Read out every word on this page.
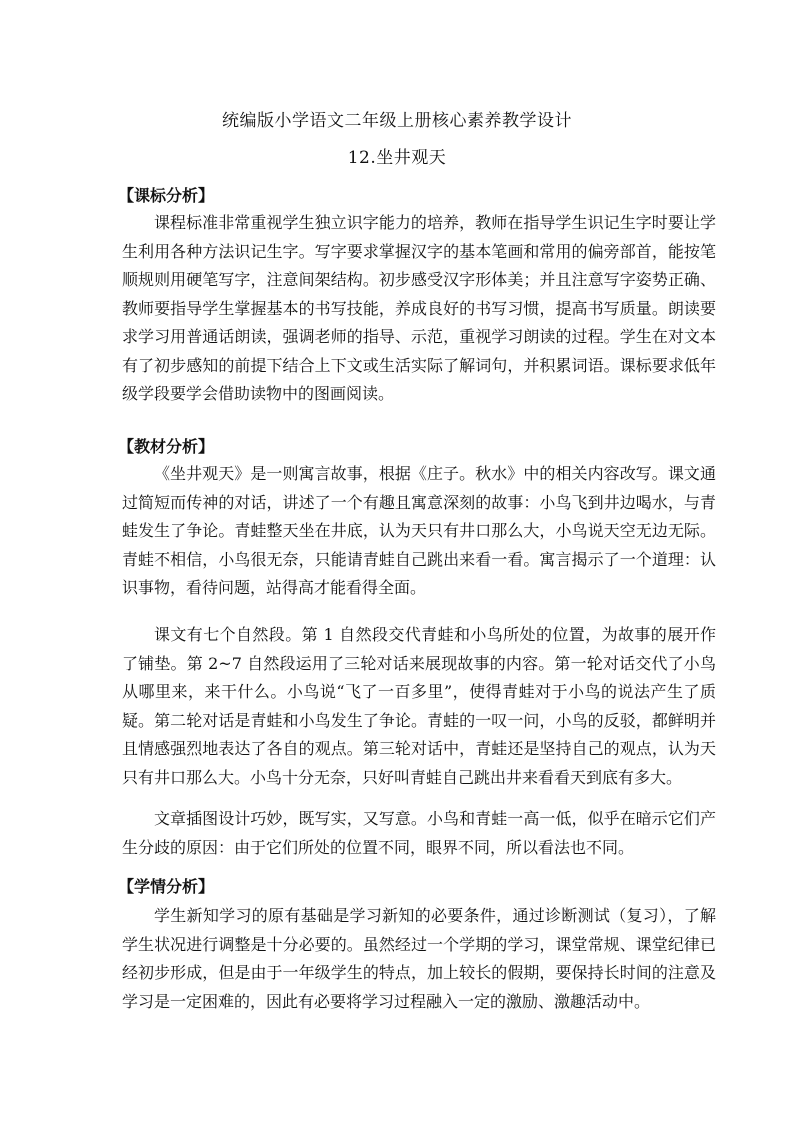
统编版小学语文二年级上册核心素养教学设计
12.坐井观天
【课标分析】

课程标准非常重视学生独立识字能力的培养，教师在指导学生识记生字时要让学生利用各种方法识记生字。写字要求掌握汉字的基本笔画和常用的偏旁部首，能按笔顺规则用硬笔写字，注意间架结构。初步感受汉字形体美；并且注意写字姿势正确、教师要指导学生掌握基本的书写技能，养成良好的书写习惯，提高书写质量。朗读要求学习用普通话朗读，强调老师的指导、示范，重视学习朗读的过程。学生在对文本有了初步感知的前提下结合上下文或生活实际了解词句，并积累词语。课标要求低年级学段要学会借助读物中的图画阅读。

【教材分析】

《坐井观天》是一则寓言故事，根据《庄子。秋水》中的相关内容改写。课文通过简短而传神的对话，讲述了一个有趣且寓意深刻的故事：小鸟飞到井边喝水，与青蛙发生了争论。青蛙整天坐在井底，认为天只有井口那么大，小鸟说天空无边无际。青蛙不相信，小鸟很无奈，只能请青蛙自己跳出来看一看。寓言揭示了一个道理：认识事物，看待问题，站得高才能看得全面。

课文有七个自然段。第 1 自然段交代青蛙和小鸟所处的位置，为故事的展开作了铺垫。第 2~7 自然段运用了三轮对话来展现故事的内容。第一轮对话交代了小鸟从哪里来，来干什么。小鸟说“飞了一百多里”，使得青蛙对于小鸟的说法产生了质疑。第二轮对话是青蛙和小鸟发生了争论。青蛙的一叹一问，小鸟的反驳，都鲜明并且情感强烈地表达了各自的观点。第三轮对话中，青蛙还是坚持自己的观点，认为天只有井口那么大。小鸟十分无奈，只好叫青蛙自己跳出井来看看天到底有多大。

文章插图设计巧妙，既写实，又写意。小鸟和青蛙一高一低，似乎在暗示它们产生分歧的原因：由于它们所处的位置不同，眼界不同，所以看法也不同。

【学情分析】

学生新知学习的原有基础是学习新知的必要条件，通过诊断测试（复习），了解学生状况进行调整是十分必要的。虽然经过一个学期的学习，课堂常规、课堂纪律已经初步形成，但是由于一年级学生的特点，加上较长的假期，要保持长时间的注意及学习是一定困难的，因此有必要将学习过程融入一定的激励、激趣活动中。
